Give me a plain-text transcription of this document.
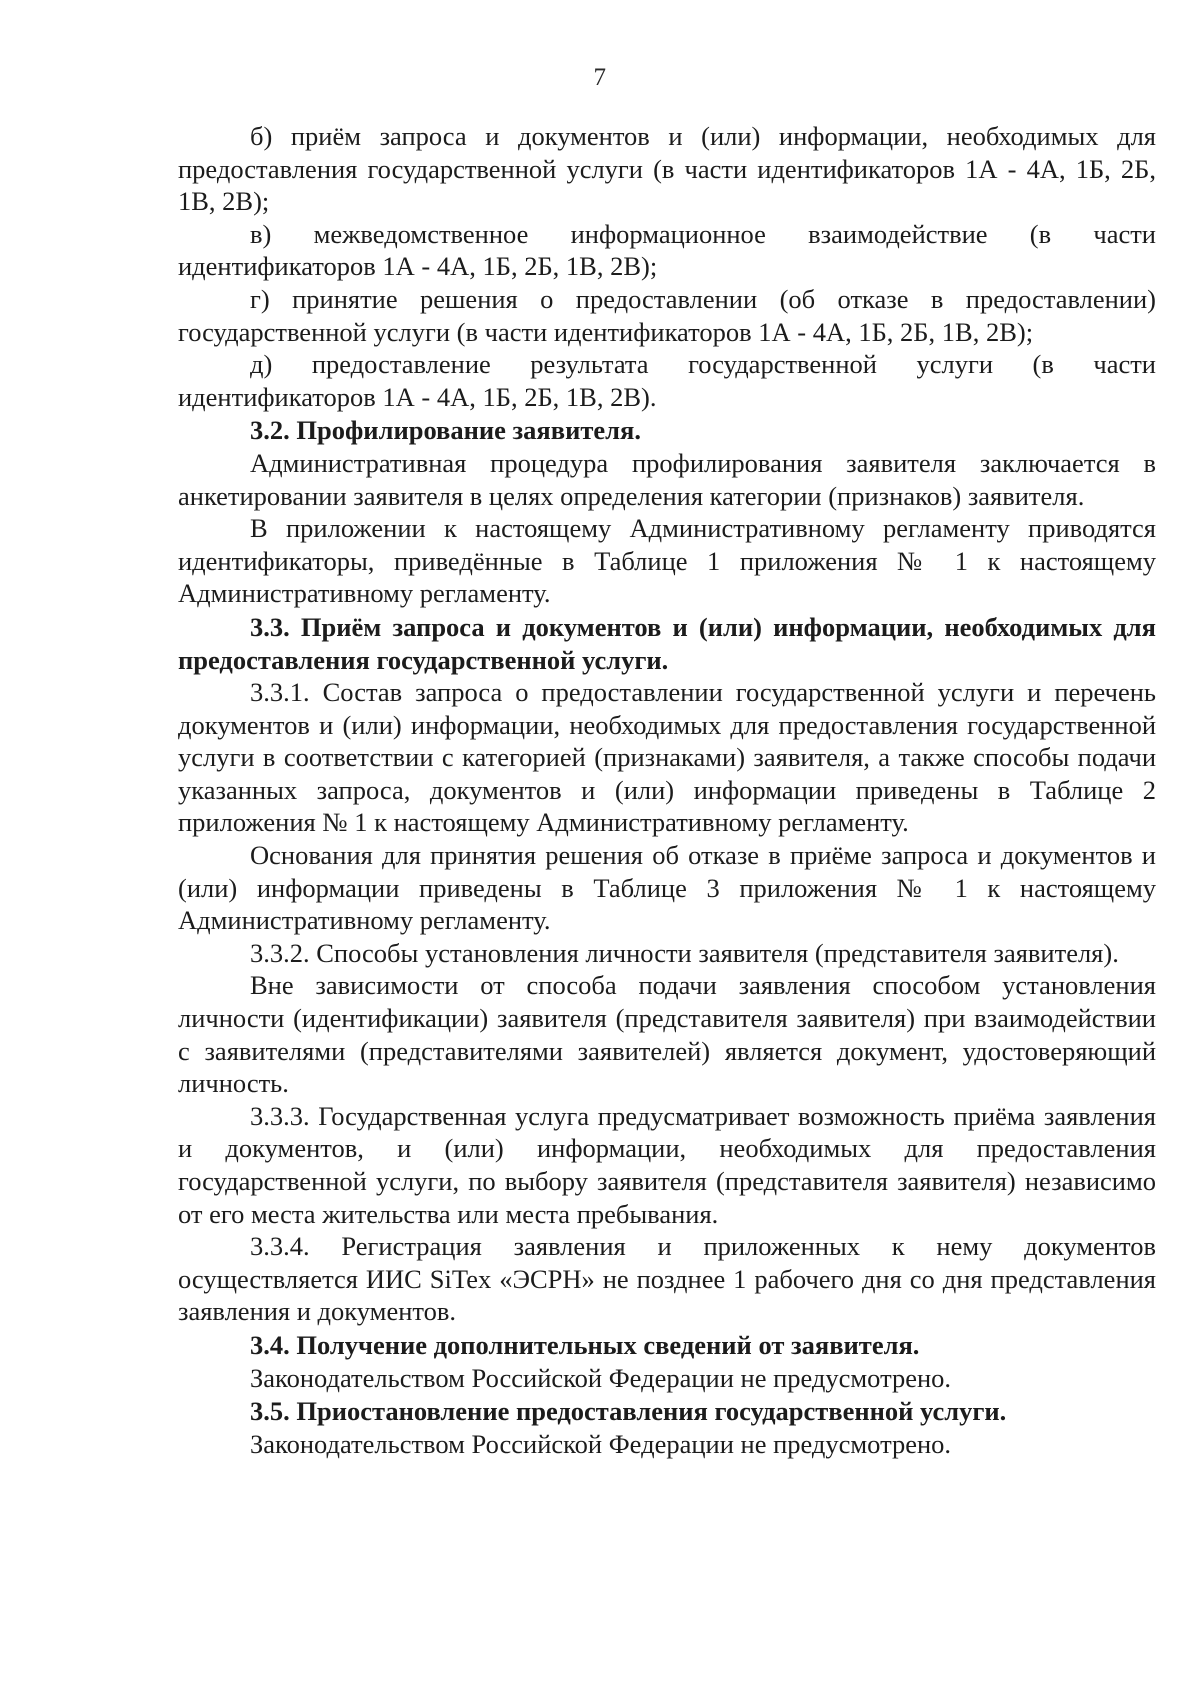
7

б) приём запроса и документов и (или) информации, необходимых для предоставления государственной услуги (в части идентификаторов 1А - 4А, 1Б, 2Б, 1В, 2В);

в) межведомственное информационное взаимодействие (в части идентификаторов 1А - 4А, 1Б, 2Б, 1В, 2В);

г) принятие решения о предоставлении (об отказе в предоставлении) государственной услуги (в части идентификаторов 1А - 4А, 1Б, 2Б, 1В, 2В);

д) предоставление результата государственной услуги (в части идентификаторов 1А - 4А, 1Б, 2Б, 1В, 2В).

3.2. Профилирование заявителя.

Административная процедура профилирования заявителя заключается в анкетировании заявителя в целях определения категории (признаков) заявителя.

В приложении к настоящему Административному регламенту приводятся идентификаторы, приведённые в Таблице 1 приложения № 1 к настоящему Административному регламенту.

3.3. Приём запроса и документов и (или) информации, необходимых для предоставления государственной услуги.

3.3.1. Состав запроса о предоставлении государственной услуги и перечень документов и (или) информации, необходимых для предоставления государственной услуги в соответствии с категорией (признаками) заявителя, а также способы подачи указанных запроса, документов и (или) информации приведены в Таблице 2 приложения № 1 к настоящему Административному регламенту.

Основания для принятия решения об отказе в приёме запроса и документов и (или) информации приведены в Таблице 3 приложения № 1 к настоящему Административному регламенту.

3.3.2. Способы установления личности заявителя (представителя заявителя).

Вне зависимости от способа подачи заявления способом установления личности (идентификации) заявителя (представителя заявителя) при взаимодействии с заявителями (представителями заявителей) является документ, удостоверяющий личность.

3.3.3. Государственная услуга предусматривает возможность приёма заявления и документов, и (или) информации, необходимых для предоставления государственной услуги, по выбору заявителя (представителя заявителя) независимо от его места жительства или места пребывания.

3.3.4. Регистрация заявления и приложенных к нему документов осуществляется ИИС SiTex «ЭСРН» не позднее 1 рабочего дня со дня представления заявления и документов.

3.4. Получение дополнительных сведений от заявителя.

Законодательством Российской Федерации не предусмотрено.

3.5. Приостановление предоставления государственной услуги.

Законодательством Российской Федерации не предусмотрено.
